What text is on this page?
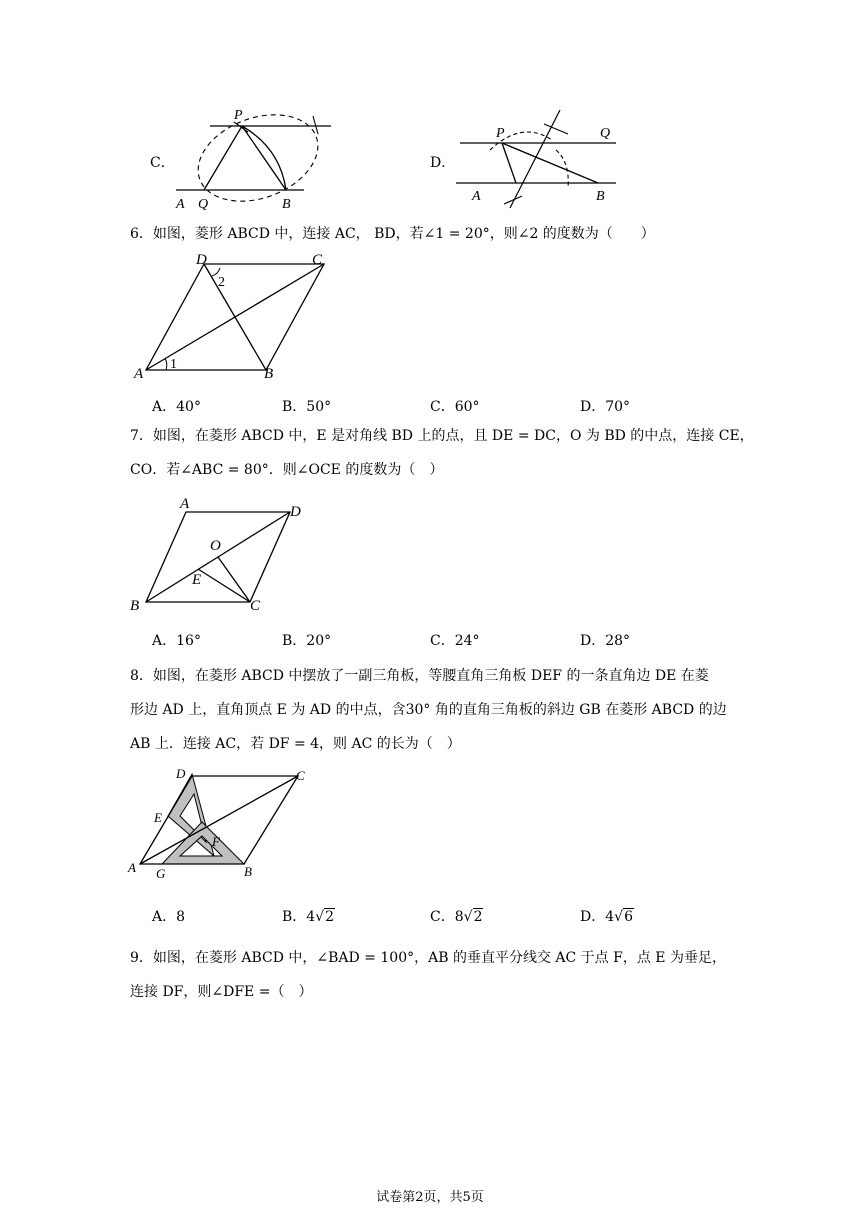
C．
P
A Q	B
D．
P	Q
A	B
6．如图，菱形 ABCD 中，连接 AC， BD，若∠1 = 20°，则∠2 的度数为（　　）
A	B
C
D
1
2
A．40°	B．50°	C．60°	D．70°
7．如图，在菱形 ABCD 中，E 是对角线 BD 上的点，且 DE = DC，O 为 BD 的中点，连接 CE，
CO．若∠ABC = 80°．则∠OCE 的度数为（　）
A
B	C
D
O
E
A．16°	B．20°	C．24°	D．28°
8．如图，在菱形 ABCD 中摆放了一副三角板，等腰直角三角板 DEF 的一条直角边 DE 在菱
形边 AD 上，直角顶点 E 为 AD 的中点，含30° 角的直角三角板的斜边 GB 在菱形 ABCD 的边
AB 上．连接 AC，若 DF = 4，则 AC 的长为（　）
D	C
E
F
A G	B
A．8	B．4√2	C．8√2	D．4√6
9．如图，在菱形 ABCD 中，∠BAD = 100°，AB 的垂直平分线交 AC 于点 F，点 E 为垂足，
连接 DF，则∠DFE =（　）
试卷第2页，共5页
